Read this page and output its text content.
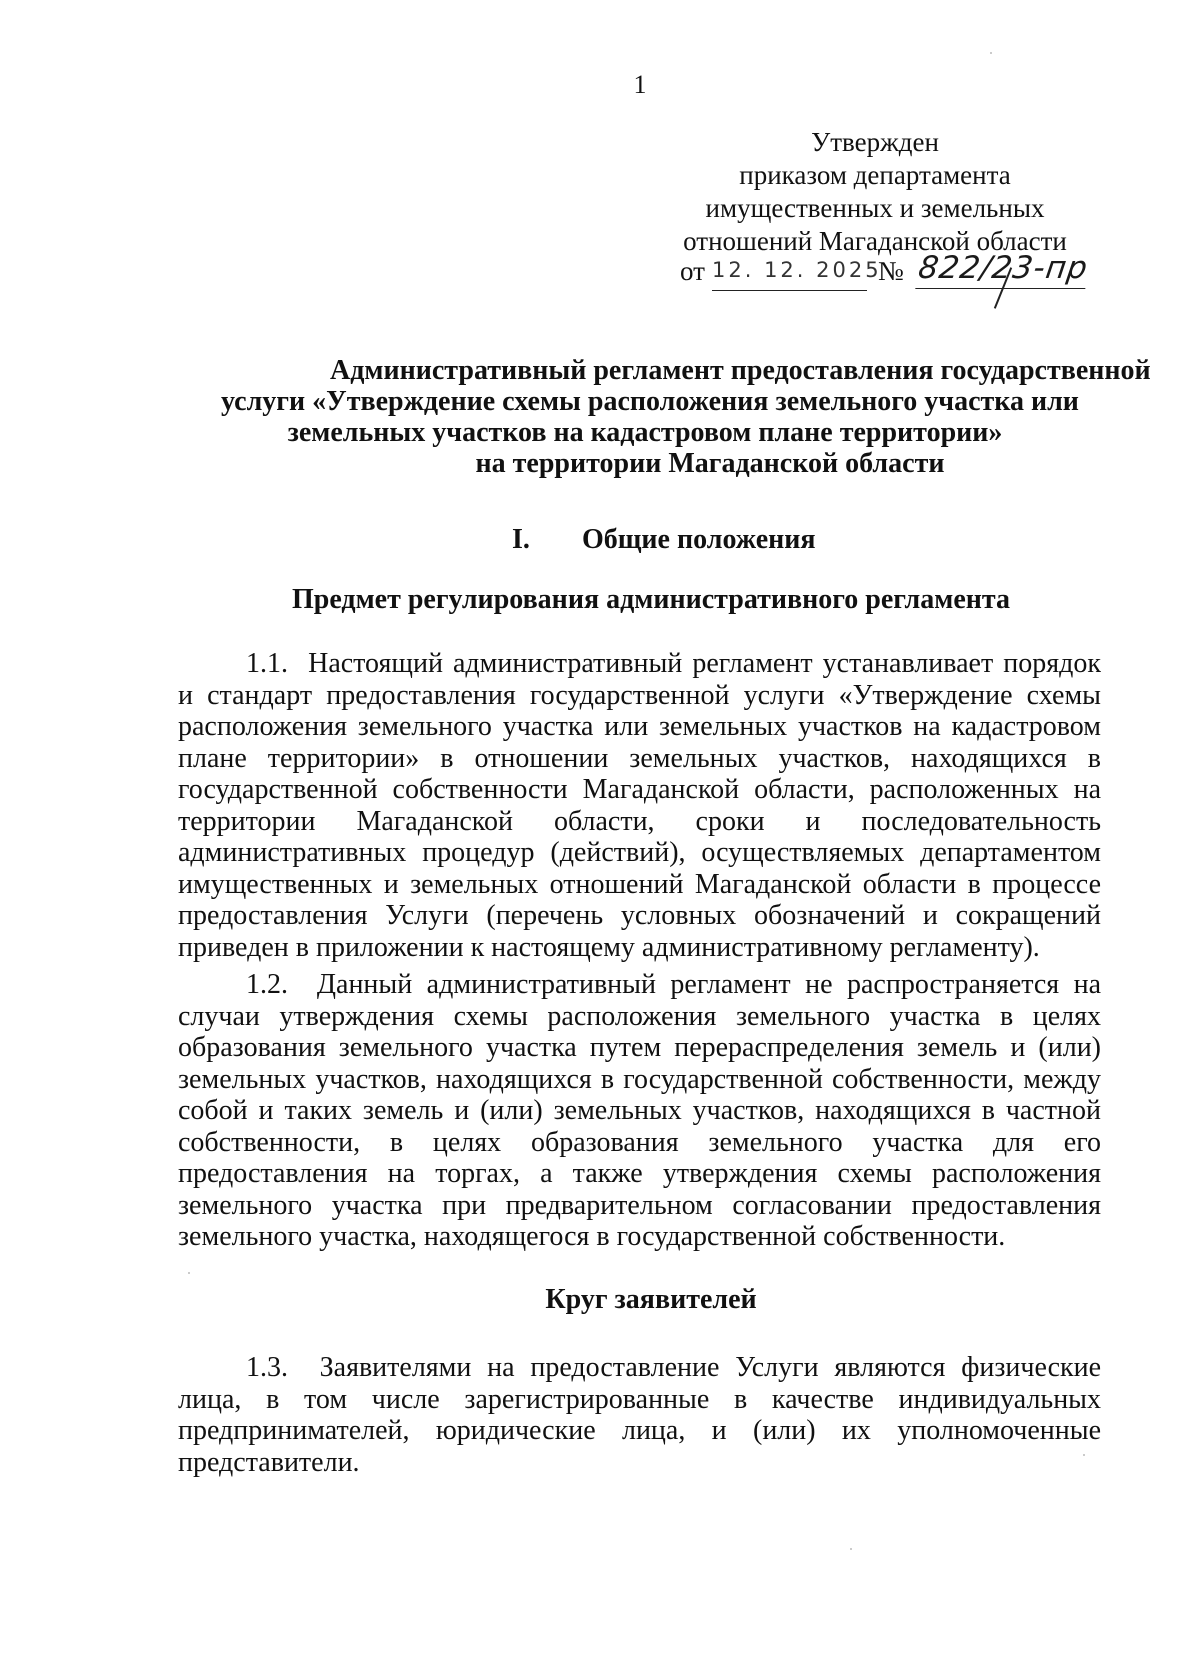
1
Утвержден
приказом департамента
имущественных и земельных
отношений Магаданской области
от 12. 12. 2025
№ 822/23-пр
Административный регламент предоставления государственной
услуги «Утверждение схемы расположения земельного участка или
земельных участков на кадастровом плане территории»
на территории Магаданской области
I. Общие положения
Предмет регулирования административного регламента
1.1. Настоящий административный регламент устанавливает порядок и стандарт предоставления государственной услуги «Утверждение схемы расположения земельного участка или земельных участков на кадастровом плане территории» в отношении земельных участков, находящихся в государственной собственности Магаданской области, расположенных на территории Магаданской области, сроки и последовательность административных процедур (действий), осуществляемых департаментом имущественных и земельных отношений Магаданской области в процессе предоставления Услуги (перечень условных обозначений и сокращений приведен в приложении к настоящему административному регламенту).
1.2. Данный административный регламент не распространяется на случаи утверждения схемы расположения земельного участка в целях образования земельного участка путем перераспределения земель и (или) земельных участков, находящихся в государственной собственности, между собой и таких земель и (или) земельных участков, находящихся в частной собственности, в целях образования земельного участка для его предоставления на торгах, а также утверждения схемы расположения земельного участка при предварительном согласовании предоставления земельного участка, находящегося в государственной собственности.
Круг заявителей
1.3. Заявителями на предоставление Услуги являются физические лица, в том числе зарегистрированные в качестве индивидуальных предпринимателей, юридические лица, и (или) их уполномоченные представители.
